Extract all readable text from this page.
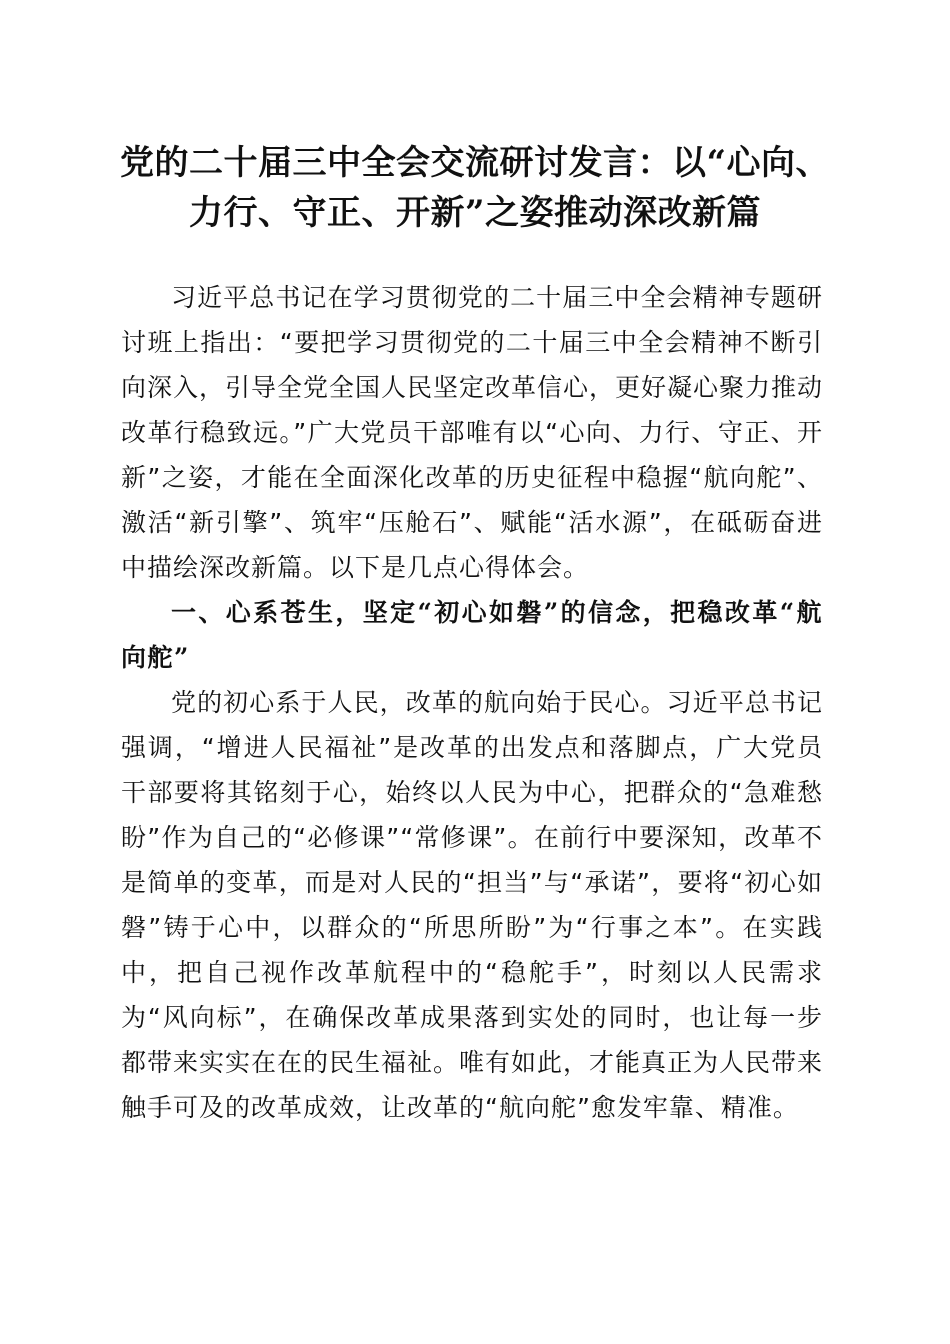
党的二十届三中全会交流研讨发言：以“心向、
力行、守正、开新”之姿推动深改新篇

习近平总书记在学习贯彻党的二十届三中全会精神专题研讨班上指出：“要把学习贯彻党的二十届三中全会精神不断引向深入，引导全党全国人民坚定改革信心，更好凝心聚力推动改革行稳致远。”广大党员干部唯有以“心向、力行、守正、开新”之姿，才能在全面深化改革的历史征程中稳握“航向舵”、激活“新引擎”、筑牢“压舱石”、赋能“活水源”，在砥砺奋进中描绘深改新篇。以下是几点心得体会。

一、心系苍生，坚定“初心如磐”的信念，把稳改革“航向舵”

党的初心系于人民，改革的航向始于民心。习近平总书记强调，“增进人民福祉”是改革的出发点和落脚点，广大党员干部要将其铭刻于心，始终以人民为中心，把群众的“急难愁盼”作为自己的“必修课”“常修课”。在前行中要深知，改革不是简单的变革，而是对人民的“担当”与“承诺”，要将“初心如磐”铸于心中，以群众的“所思所盼”为“行事之本”。在实践中，把自己视作改革航程中的“稳舵手”，时刻以人民需求为“风向标”，在确保改革成果落到实处的同时，也让每一步都带来实实在在的民生福祉。唯有如此，才能真正为人民带来触手可及的改革成效，让改革的“航向舵”愈发牢靠、精准。
